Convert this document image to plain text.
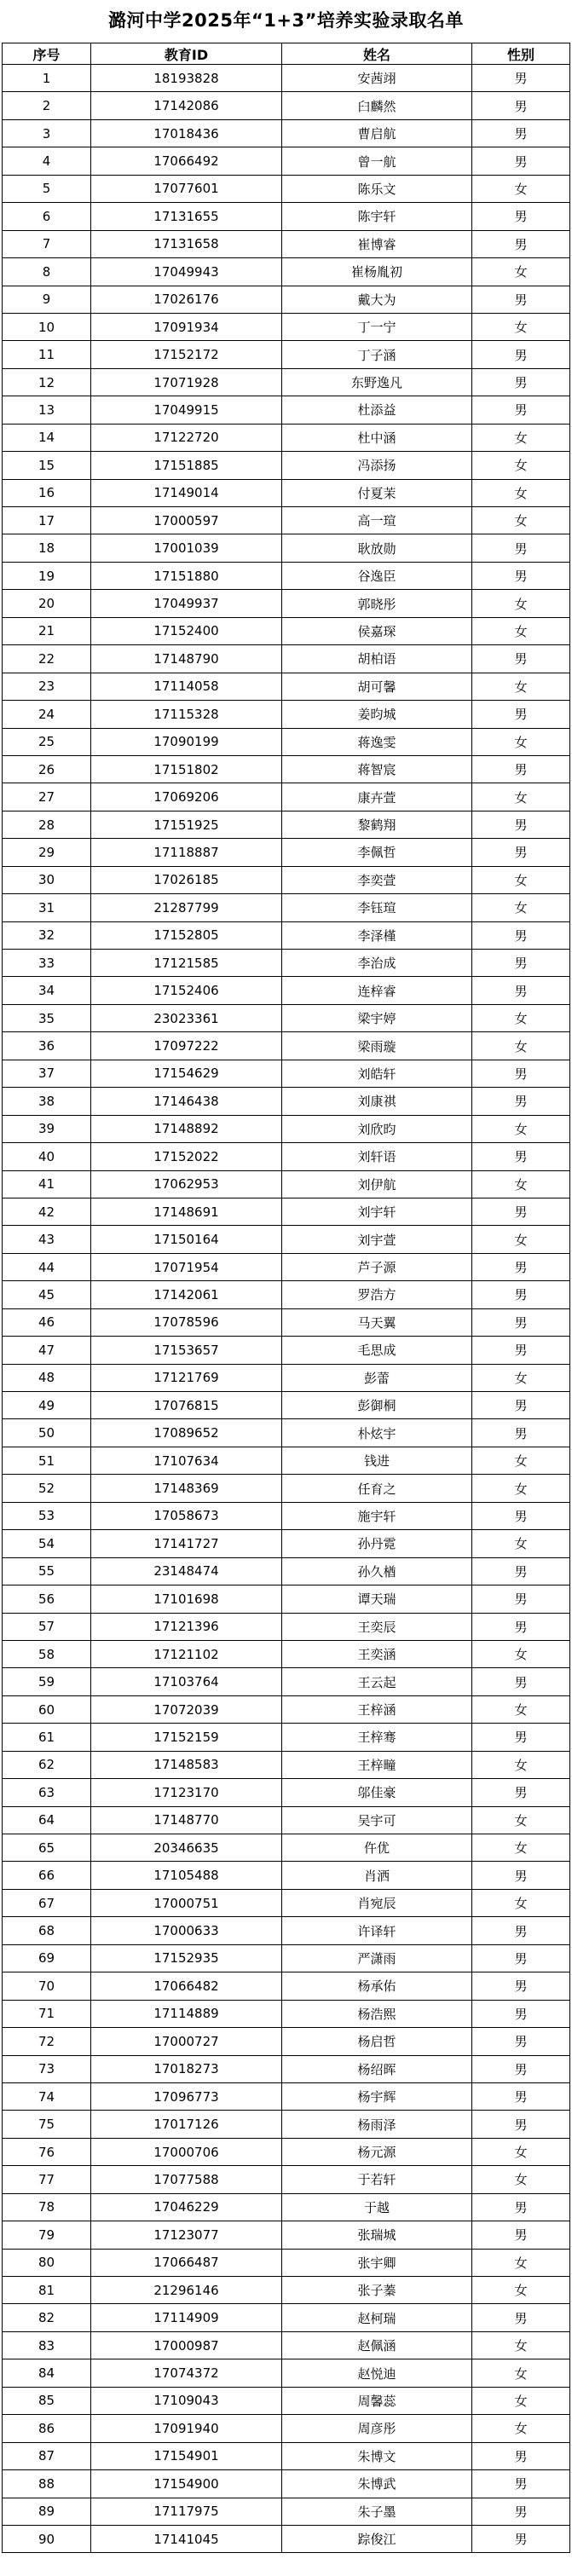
潞河中学2025年“1+3”培养实验录取名单
序号	教育ID	姓名	性别
1	18193828	安茜翊	男
2	17142086	臼麟然	男
3	17018436	曹启航	男
4	17066492	曾一航	男
5	17077601	陈乐文	女
6	17131655	陈宇轩	男
7	17131658	崔博睿	男
8	17049943	崔杨胤初	女
9	17026176	戴大为	男
10	17091934	丁一宁	女
11	17152172	丁子涵	男
12	17071928	东野逸凡	男
13	17049915	杜添益	男
14	17122720	杜中涵	女
15	17151885	冯添扬	女
16	17149014	付夏茉	女
17	17000597	高一瑄	女
18	17001039	耿放勋	男
19	17151880	谷逸臣	男
20	17049937	郭晓彤	女
21	17152400	侯嘉琛	女
22	17148790	胡柏语	男
23	17114058	胡可馨	女
24	17115328	姜昀城	男
25	17090199	蒋逸雯	女
26	17151802	蒋智宸	男
27	17069206	康卉萱	女
28	17151925	黎鹤翔	男
29	17118887	李佩哲	男
30	17026185	李奕萱	女
31	21287799	李钰瑄	女
32	17152805	李泽槿	男
33	17121585	李治成	男
34	17152406	连梓睿	男
35	23023361	梁宇婷	女
36	17097222	梁雨璇	女
37	17154629	刘皓轩	男
38	17146438	刘康祺	男
39	17148892	刘欣昀	女
40	17152022	刘轩语	男
41	17062953	刘伊航	女
42	17148691	刘宇轩	男
43	17150164	刘宇萱	女
44	17071954	芦子源	男
45	17142061	罗浩方	男
46	17078596	马天翼	男
47	17153657	毛思成	男
48	17121769	彭蕾	女
49	17076815	彭御桐	男
50	17089652	朴炫宇	男
51	17107634	钱进	女
52	17148369	任育之	女
53	17058673	施宇轩	男
54	17141727	孙丹霓	女
55	23148474	孙久楢	男
56	17101698	谭天瑞	男
57	17121396	王奕辰	男
58	17121102	王奕涵	女
59	17103764	王云起	男
60	17072039	王梓涵	女
61	17152159	王梓骞	男
62	17148583	王梓疃	女
63	17123170	邬佳豪	男
64	17148770	吴宇可	女
65	20346635	仵优	女
66	17105488	肖洒	男
67	17000751	肖宛辰	女
68	17000633	许译轩	男
69	17152935	严潇雨	男
70	17066482	杨承佑	男
71	17114889	杨浩熙	男
72	17000727	杨启哲	男
73	17018273	杨绍晖	男
74	17096773	杨宇辉	男
75	17017126	杨雨泽	男
76	17000706	杨元源	女
77	17077588	于若轩	女
78	17046229	于越	男
79	17123077	张瑞城	男
80	17066487	张宇卿	女
81	21296146	张子蓁	女
82	17114909	赵柯瑞	男
83	17000987	赵佩涵	女
84	17074372	赵悦迪	女
85	17109043	周馨蕊	女
86	17091940	周彦彤	女
87	17154901	朱博文	男
88	17154900	朱博武	男
89	17117975	朱子墨	男
90	17141045	踪俊江	男
